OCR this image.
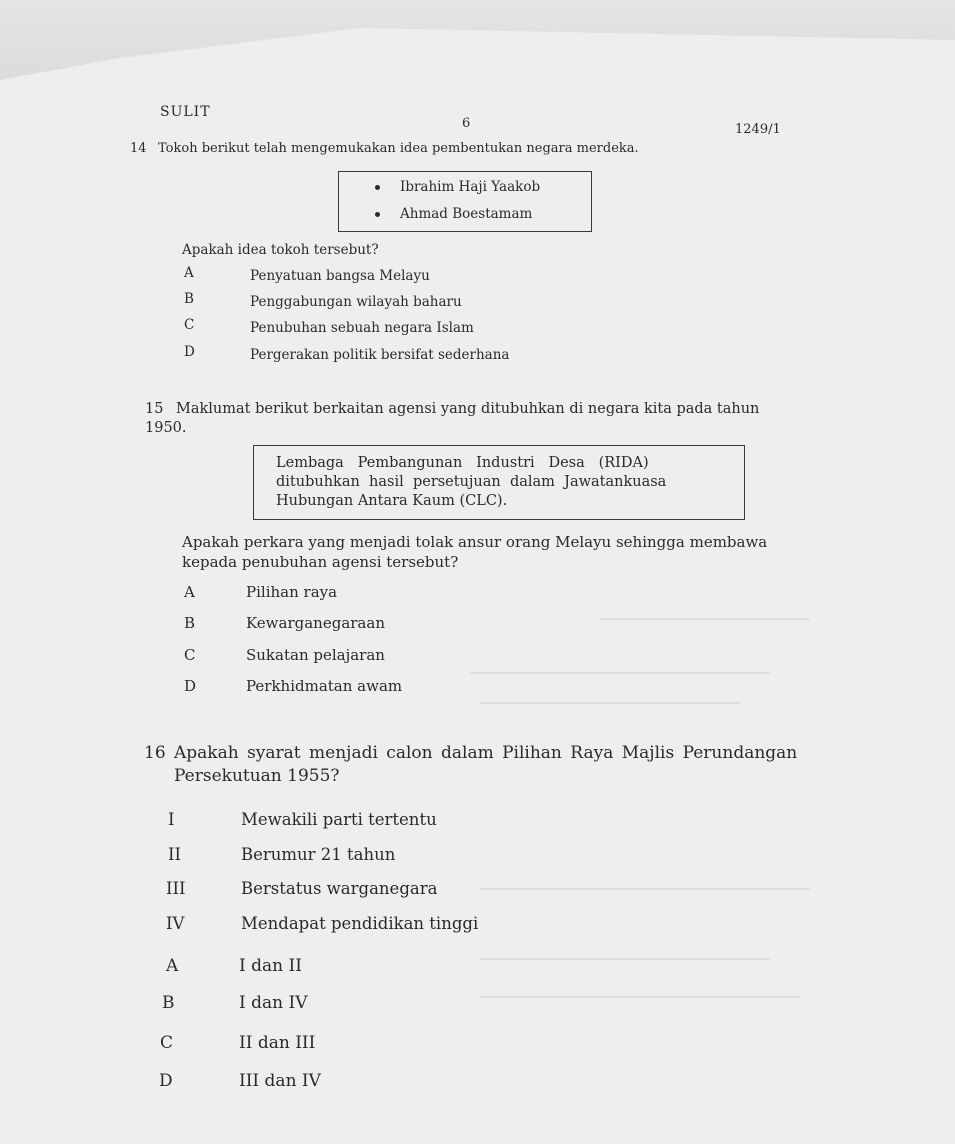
SULIT
6	1249/1
14 Tokoh berikut telah mengemukakan idea pembentukan negara merdeka.
Ibrahim Haji Yaakob
Ahmad Boestamam
Apakah idea tokoh tersebut?
A	Penyatuan bangsa Melayu
B	Penggabungan wilayah baharu
C	Penubuhan sebuah negara Islam
D	Pergerakan politik bersifat sederhana
15 Maklumat berikut berkaitan agensi yang ditubuhkan di negara kita pada tahun
1950.
Lembaga   Pembangunan   Industri   Desa   (RIDA)
ditubuhkan  hasil  persetujuan  dalam  Jawatankuasa
Hubungan Antara Kaum (CLC).
Apakah perkara yang menjadi tolak ansur orang Melayu sehingga membawa
kepada penubuhan agensi tersebut?
A	Pilihan raya
B	Kewarganegaraan
C	Sukatan pelajaran
D	Perkhidmatan awam
16 Apakah syarat menjadi calon dalam Pilihan Raya Majlis Perundangan
Persekutuan 1955?
I	Mewakili parti tertentu
II	Berumur 21 tahun
III	Berstatus warganegara
IV	Mendapat pendidikan tinggi
A	I dan II
B	I dan IV
C	II dan III
D	III dan IV
